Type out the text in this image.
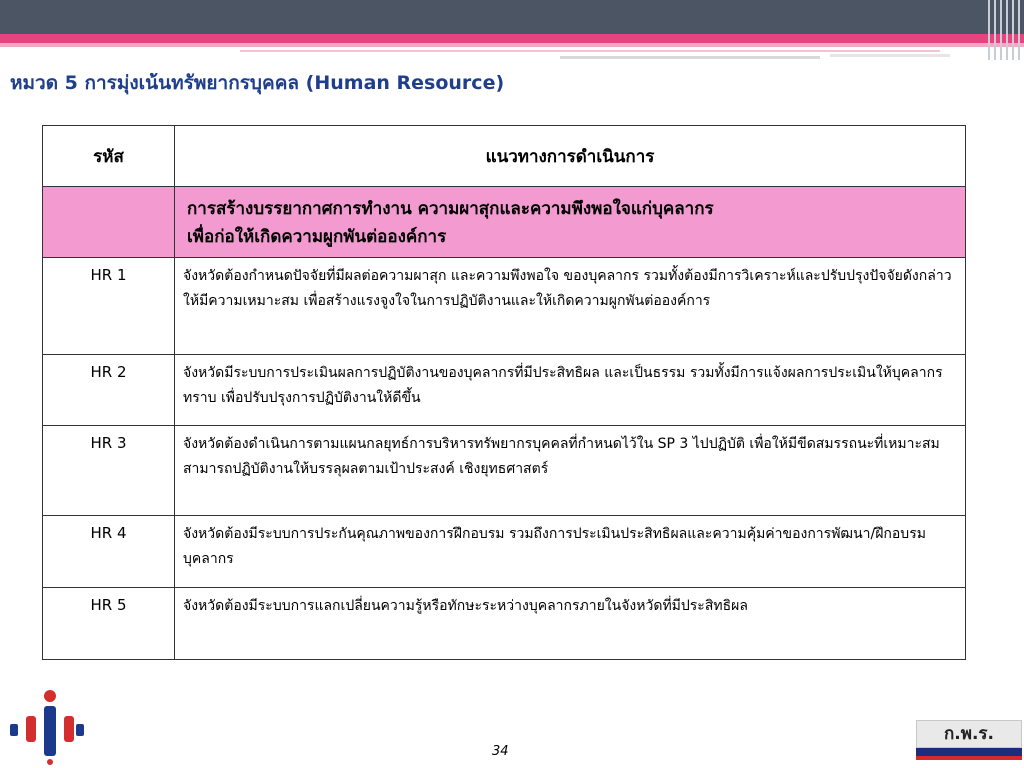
หมวด 5 การมุ่งเน้นทรัพยากรบุคคล (Human Resource)
รหัส	แนวทางการดำเนินการ

	การสร้างบรรยากาศการทำงาน ความผาสุกและความพึงพอใจแก่บุคลากร
เพื่อก่อให้เกิดความผูกพันต่อองค์การ

HR 1	จังหวัดต้องกำหนดปัจจัยที่มีผลต่อความผาสุก และความพึงพอใจ ของบุคลากร รวมทั้งต้องมีการวิเคราะห์และปรับปรุงปัจจัยดังกล่าวให้มีความเหมาะสม เพื่อสร้างแรงจูงใจในการปฏิบัติงานและให้เกิดความผูกพันต่อองค์การ
HR 2	จังหวัดมีระบบการประเมินผลการปฏิบัติงานของบุคลากรที่มีประสิทธิผล และเป็นธรรม รวมทั้งมีการแจ้งผลการประเมินให้บุคลากรทราบ เพื่อปรับปรุงการปฏิบัติงานให้ดีขึ้น
HR 3	จังหวัดต้องดำเนินการตามแผนกลยุทธ์การบริหารทรัพยากรบุคคลที่กำหนดไว้ใน SP 3 ไปปฏิบัติ เพื่อให้มีขีดสมรรถนะที่เหมาะสม สามารถปฏิบัติงานให้บรรลุผลตามเป้าประสงค์ เชิงยุทธศาสตร์
HR 4	จังหวัดต้องมีระบบการประกันคุณภาพของการฝึกอบรม รวมถึงการประเมินประสิทธิผลและความคุ้มค่าของการพัฒนา/ฝึกอบรมบุคลากร
HR 5	จังหวัดต้องมีระบบการแลกเปลี่ยนความรู้หรือทักษะระหว่างบุคลากรภายในจังหวัดที่มีประสิทธิผล
34
ก.พ.ร.
